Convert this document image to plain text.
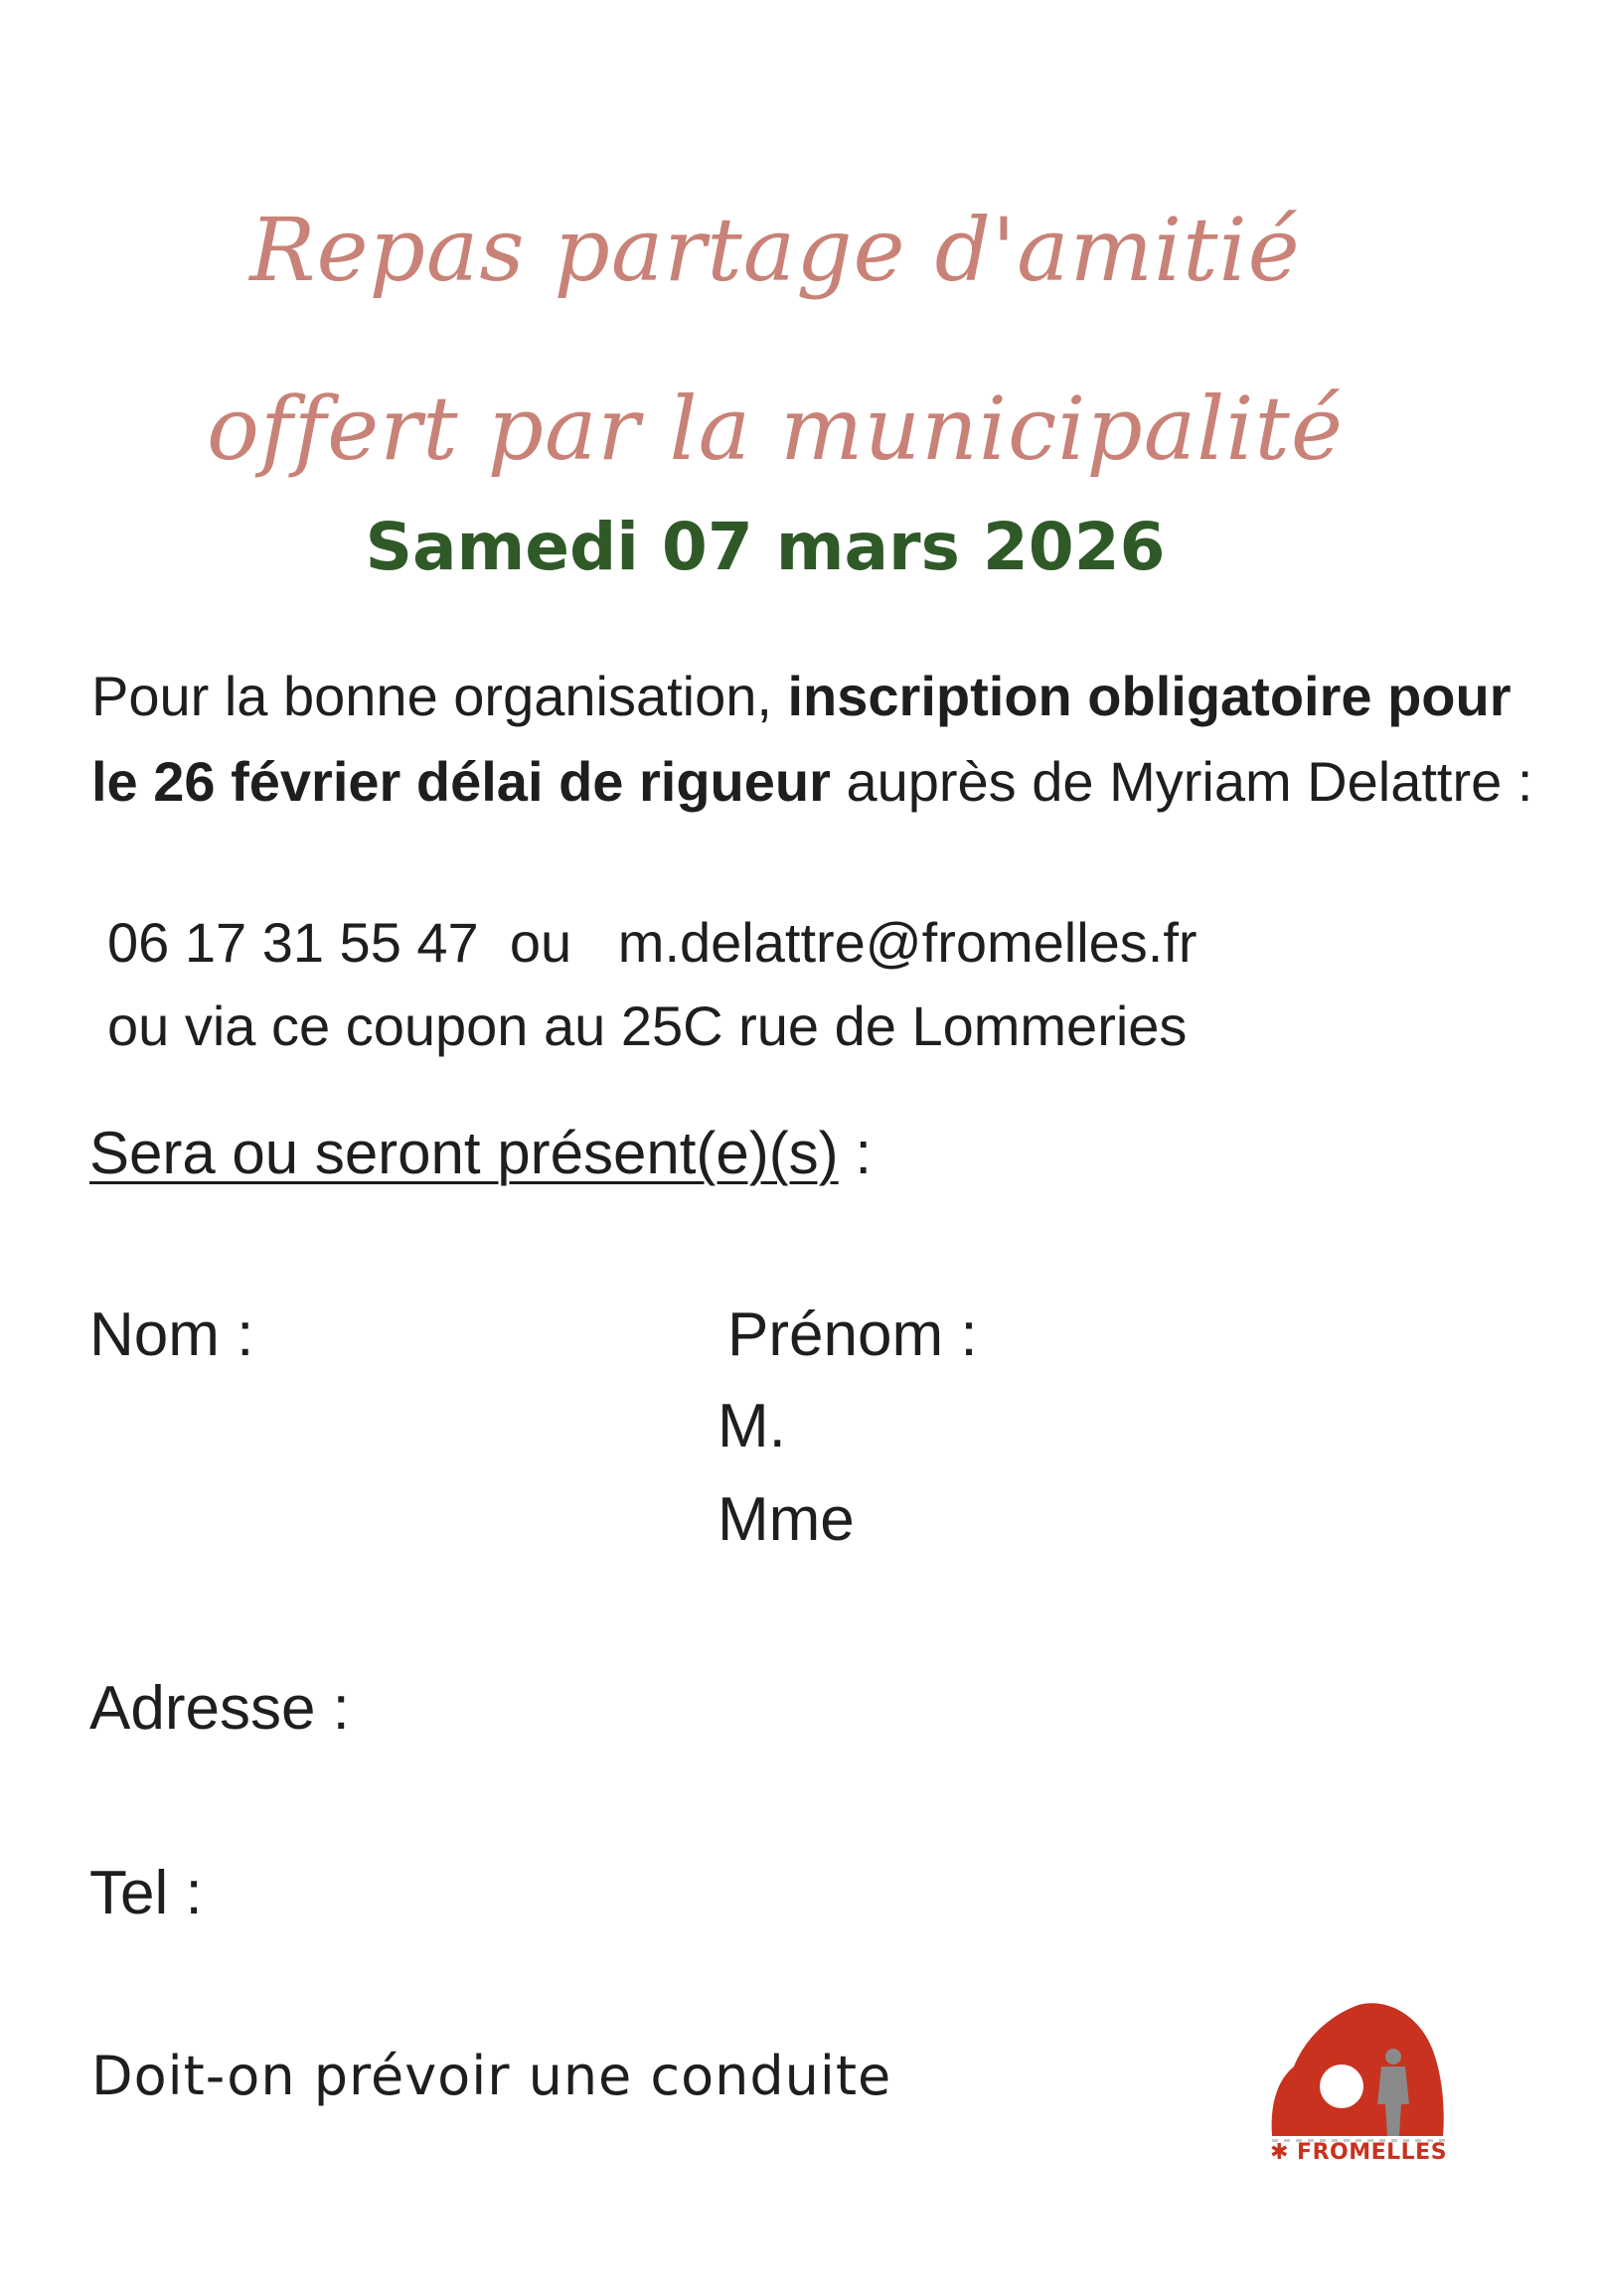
Repas partage d'amitié
offert par la municipalité
Samedi 07 mars 2026
Pour la bonne organisation, inscription obligatoire pour le 26 février délai de rigueur auprès de Myriam Delattre :
06 17 31 55 47 ou m.delattre@fromelles.fr
ou via ce coupon au 25C rue de Lommeries
Sera ou seront présent(e)(s) :
Nom :	Prénom :
M.
Mme
Adresse :
Tel :
Doit-on prévoir une conduite
✱ FROMELLES
